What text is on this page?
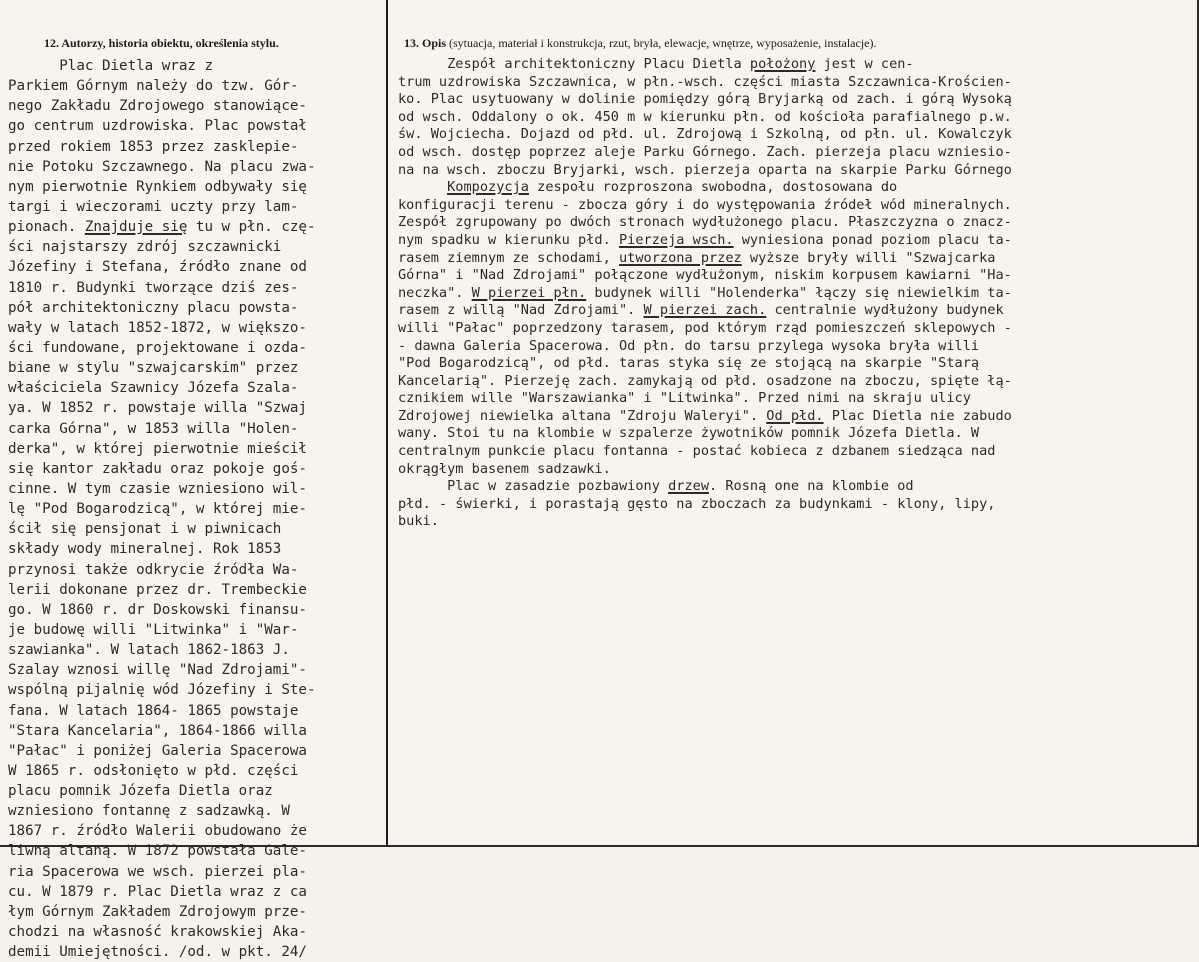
12. Autorzy, historia obiektu, określenia stylu.	13. Opis (sytuacja, materiał i konstrukcja, rzut, bryła, elewacje, wnętrze, wyposażenie, instalacje).
Plac Dietla wraz z
Parkiem Górnym należy do tzw. Gór-
nego Zakładu Zdrojowego stanowiące-
go centrum uzdrowiska. Plac powstał
przed rokiem 1853 przez zasklepie-
nie Potoku Szczawnego. Na placu zwa-
nym pierwotnie Rynkiem odbywały się
targi i wieczorami uczty przy lam-
pionach. Znajduje się tu w płn. czę-
ści najstarszy zdrój szczawnicki
Józefiny i Stefana, źródło znane od
1810 r. Budynki tworzące dziś zes-
pół architektoniczny placu powsta-
wały w latach 1852-1872, w większo-
ści fundowane, projektowane i ozda-
biane w stylu "szwajcarskim" przez
właściciela Szawnicy Józefa Szala-
ya. W 1852 r. powstaje willa "Szwaj
carka Górna", w 1853 willa "Holen-
derka", w której pierwotnie mieścił
się kantor zakładu oraz pokoje goś-
cinne. W tym czasie wzniesiono wil-
lę "Pod Bogarodzicą", w której mie-
ścił się pensjonat i w piwnicach
składy wody mineralnej. Rok 1853
przynosi także odkrycie źródła Wa-
lerii dokonane przez dr. Trembeckie
go. W 1860 r. dr Doskowski finansu-
je budowę willi "Litwinka" i "War-
szawianka". W latach 1862-1863 J.
Szalay wznosi willę "Nad Zdrojami"-
wspólną pijalnię wód Józefiny i Ste-
fana. W latach 1864- 1865 powstaje
"Stara Kancelaria", 1864-1866 willa
"Pałac" i poniżej Galeria Spacerowa
W 1865 r. odsłonięto w płd. części
placu pomnik Józefa Dietla oraz
wzniesiono fontannę z sadzawką. W
1867 r. źródło Walerii obudowano że
liwną altaną. W 1872 powstała Gale-
ria Spacerowa we wsch. pierzei pla-
cu. W 1879 r. Plac Dietla wraz z ca
łym Górnym Zakładem Zdrojowym prze-
chodzi na własność krakowskiej Aka-
demii Umiejętności. /od. w pkt. 24/
Zespół architektoniczny Placu Dietla położony jest w cen-
trum uzdrowiska Szczawnica, w płn.-wsch. części miasta Szczawnica-Krościen-
ko. Plac usytuowany w dolinie pomiędzy górą Bryjarką od zach. i górą Wysoką
od wsch. Oddalony o ok. 450 m w kierunku płn. od kościoła parafialnego p.w.
św. Wojciecha. Dojazd od płd. ul. Zdrojową i Szkolną, od płn. ul. Kowalczyk
od wsch. dostęp poprzez aleje Parku Górnego. Zach. pierzeja placu wzniesio-
na na wsch. zboczu Bryjarki, wsch. pierzeja oparta na skarpie Parku Górnego
Kompozycja zespołu rozproszona swobodna, dostosowana do
konfiguracji terenu - zbocza góry i do występowania źródeł wód mineralnych.
Zespół zgrupowany po dwóch stronach wydłużonego placu. Płaszczyzna o znacz-
nym spadku w kierunku płd. Pierzeja wsch. wyniesiona ponad poziom placu ta-
rasem ziemnym ze schodami, utworzona przez wyższe bryły willi "Szwajcarka
Górna" i "Nad Zdrojami" połączone wydłużonym, niskim korpusem kawiarni "Ha-
neczka". W pierzei płn. budynek willi "Holenderka" łączy się niewielkim ta-
rasem z willą "Nad Zdrojami". W pierzei zach. centralnie wydłużony budynek
willi "Pałac" poprzedzony tarasem, pod którym rząd pomieszczeń sklepowych -
- dawna Galeria Spacerowa. Od płn. do tarsu przylega wysoka bryła willi
"Pod Bogarodzicą", od płd. taras styka się ze stojącą na skarpie "Starą
Kancelarią". Pierzeję zach. zamykają od płd. osadzone na zboczu, spięte łą-
cznikiem wille "Warszawianka" i "Litwinka". Przed nimi na skraju ulicy
Zdrojowej niewielka altana "Zdroju Waleryi". Od płd. Plac Dietla nie zabudo
wany. Stoi tu na klombie w szpalerze żywotników pomnik Józefa Dietla. W
centralnym punkcie placu fontanna - postać kobieca z dzbanem siedząca nad
okrągłym basenem sadzawki.
Plac w zasadzie pozbawiony drzew. Rosną one na klombie od
płd. - świerki, i porastają gęsto na zboczach za budynkami - klony, lipy,
buki.
